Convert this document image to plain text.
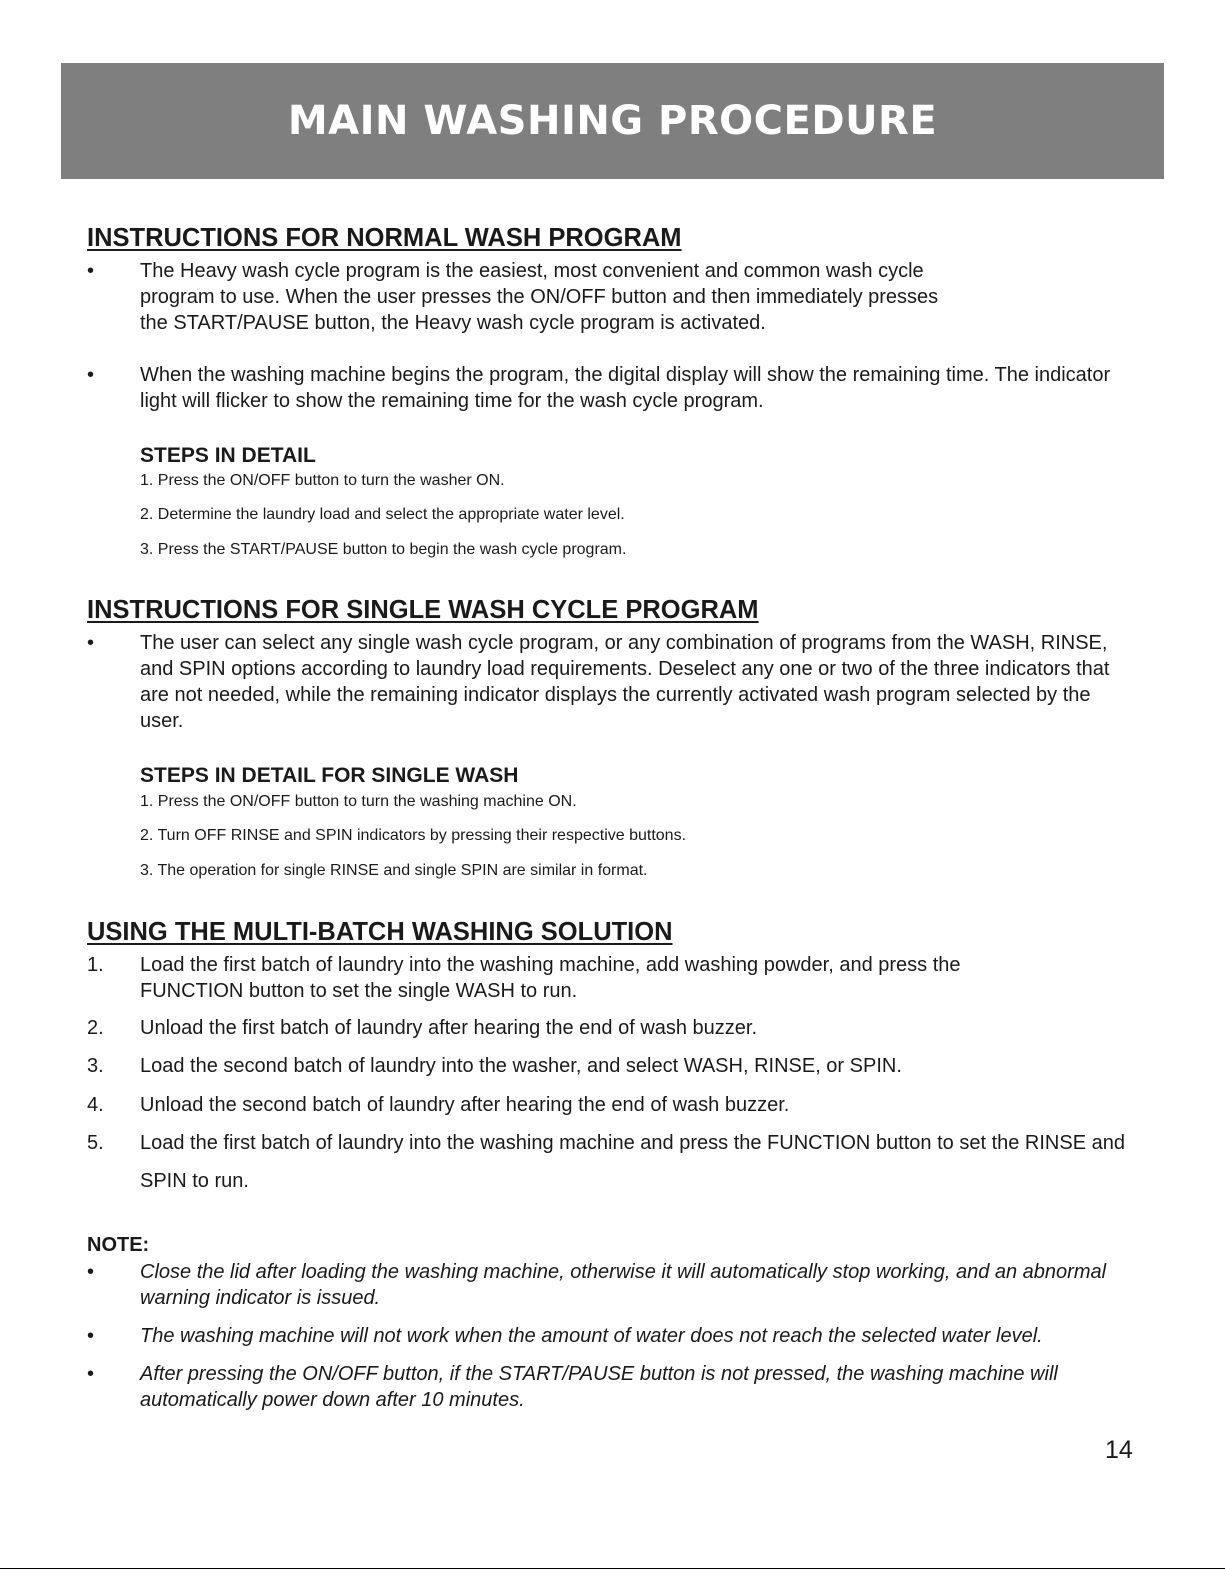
MAIN WASHING PROCEDURE
INSTRUCTIONS FOR NORMAL WASH PROGRAM
• The Heavy wash cycle program is the easiest, most convenient and common wash cycle program to use. When the user presses the ON/OFF button and then immediately presses the START/PAUSE button, the Heavy wash cycle program is activated.
• When the washing machine begins the program, the digital display will show the remaining time. The indicator light will flicker to show the remaining time for the wash cycle program.
STEPS IN DETAIL
1. Press the ON/OFF button to turn the washer ON.
2. Determine the laundry load and select the appropriate water level.
3. Press the START/PAUSE button to begin the wash cycle program.
INSTRUCTIONS FOR SINGLE WASH CYCLE PROGRAM
• The user can select any single wash cycle program, or any combination of programs from the WASH, RINSE, and SPIN options according to laundry load requirements. Deselect any one or two of the three indicators that are not needed, while the remaining indicator displays the currently activated wash program selected by the user.
STEPS IN DETAIL FOR SINGLE WASH
1. Press the ON/OFF button to turn the washing machine ON.
2. Turn OFF RINSE and SPIN indicators by pressing their respective buttons.
3. The operation for single RINSE and single SPIN are similar in format.
USING THE MULTI-BATCH WASHING SOLUTION
1. Load the first batch of laundry into the washing machine, add washing powder, and press the FUNCTION button to set the single WASH to run.
2. Unload the first batch of laundry after hearing the end of wash buzzer.
3. Load the second batch of laundry into the washer, and select WASH, RINSE, or SPIN.
4. Unload the second batch of laundry after hearing the end of wash buzzer.
5. Load the first batch of laundry into the washing machine and press the FUNCTION button to set the RINSE and SPIN to run.
NOTE:
• Close the lid after loading the washing machine, otherwise it will automatically stop working, and an abnormal warning indicator is issued.
• The washing machine will not work when the amount of water does not reach the selected water level.
• After pressing the ON/OFF button, if the START/PAUSE button is not pressed, the washing machine will automatically power down after 10 minutes.
14
